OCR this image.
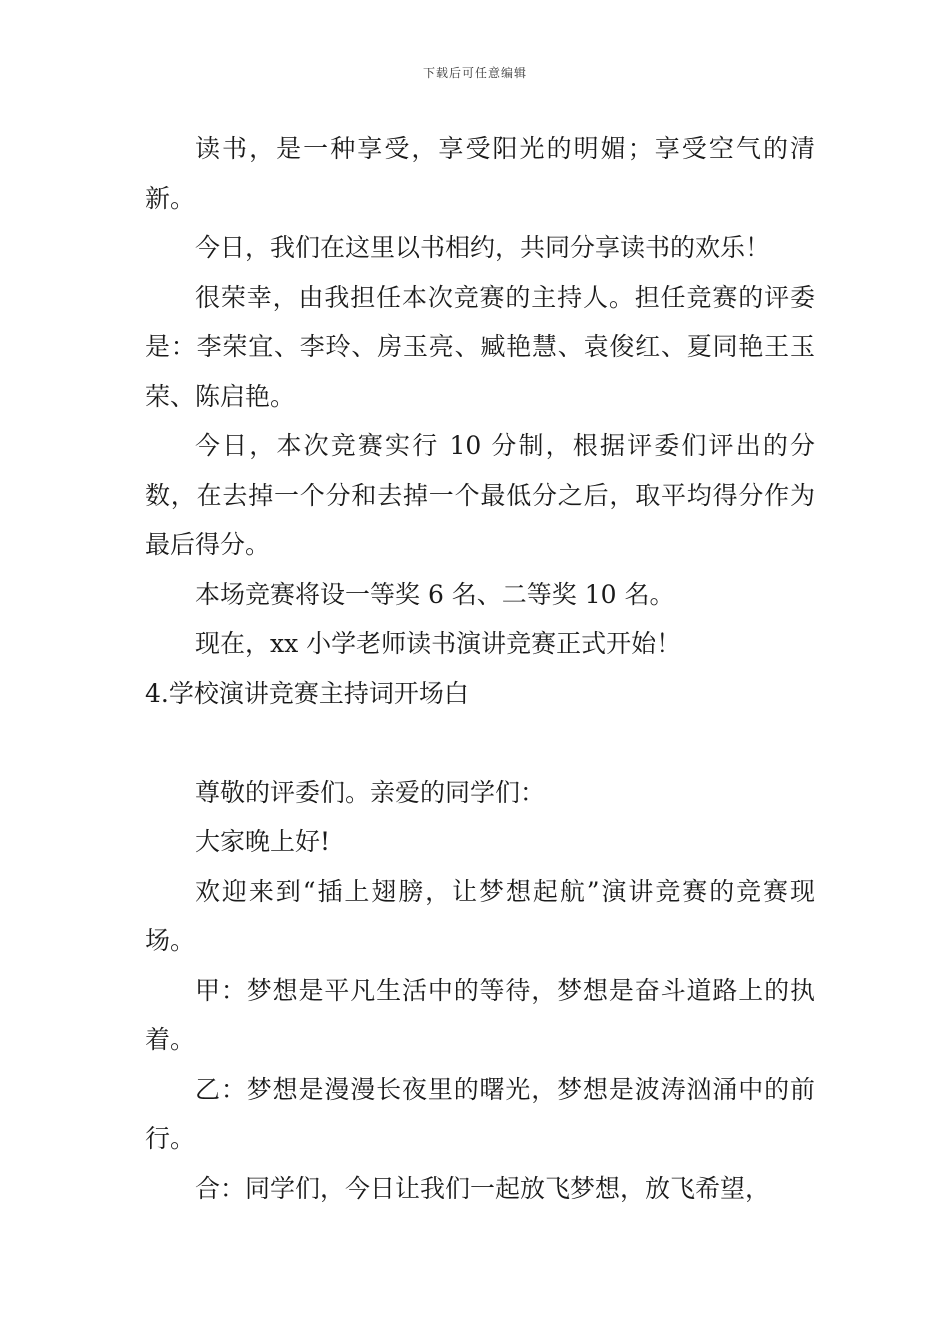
下载后可任意编辑

读书，是一种享受，享受阳光的明媚；享受空气的清新。

今日，我们在这里以书相约，共同分享读书的欢乐！

很荣幸，由我担任本次竞赛的主持人。担任竞赛的评委是：李荣宜、李玲、房玉亮、臧艳慧、袁俊红、夏同艳王玉荣、陈启艳。

今日，本次竞赛实行 10 分制，根据评委们评出的分数，在去掉一个分和去掉一个最低分之后，取平均得分作为最后得分。

本场竞赛将设一等奖 6 名、二等奖 10 名。

现在，xx 小学老师读书演讲竞赛正式开始！

4.学校演讲竞赛主持词开场白

尊敬的评委们。亲爱的同学们：

大家晚上好!

欢迎来到“插上翅膀，让梦想起航”演讲竞赛的竞赛现场。

甲：梦想是平凡生活中的等待，梦想是奋斗道路上的执着。

乙：梦想是漫漫长夜里的曙光，梦想是波涛汹涌中的前行。

合：同学们，今日让我们一起放飞梦想，放飞希望，
